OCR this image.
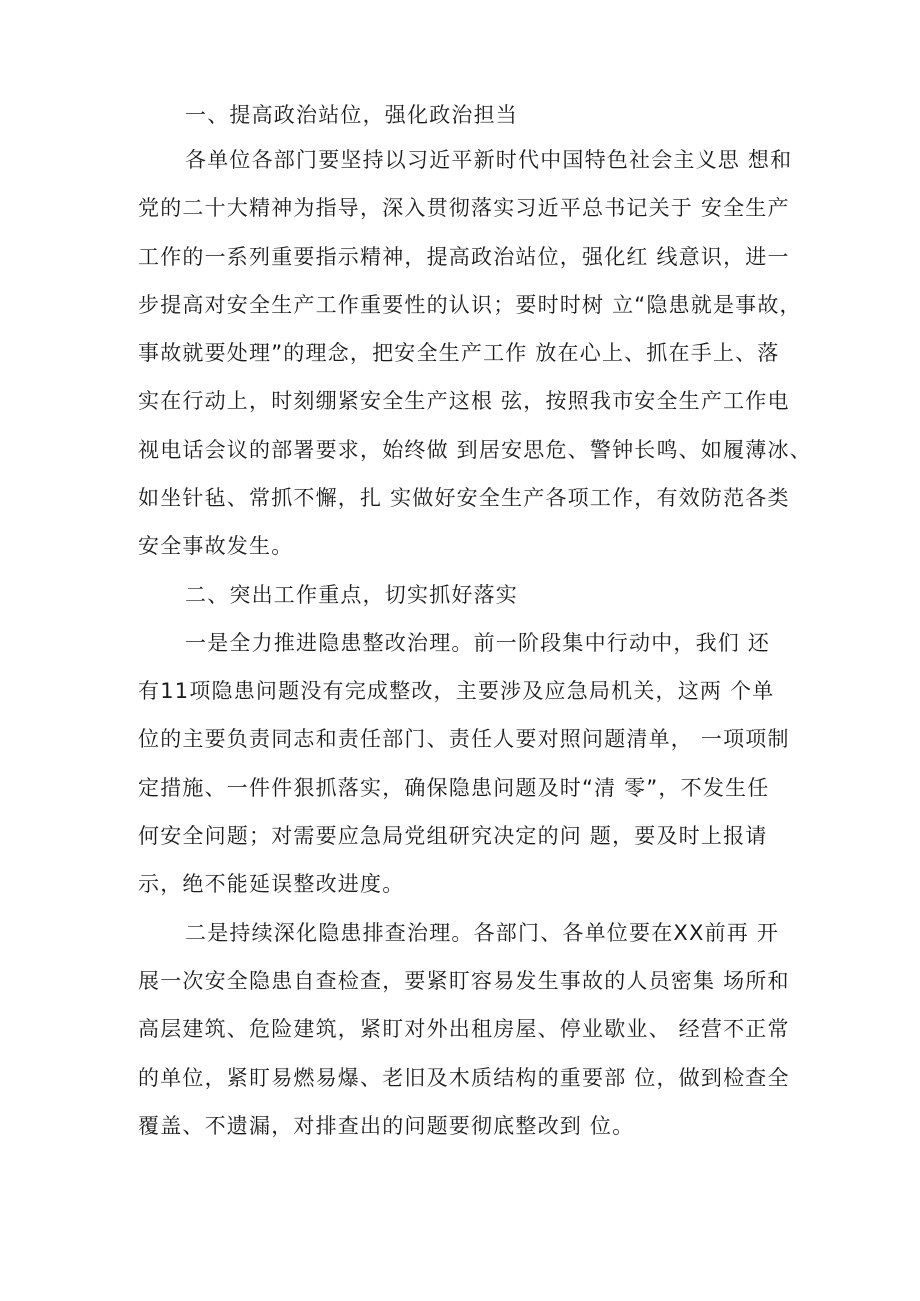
一、提高政治站位，强化政治担当
各单位各部门要坚持以习近平新时代中国特色社会主义思 想和
党的二十大精神为指导，深入贯彻落实习近平总书记关于 安全生产
工作的一系列重要指示精神，提高政治站位，强化红 线意识，进一
步提高对安全生产工作重要性的认识；要时时树 立“隐患就是事故，
事故就要处理”的理念，把安全生产工作 放在心上、抓在手上、落
实在行动上，时刻绷紧安全生产这根 弦，按照我市安全生产工作电
视电话会议的部署要求，始终做 到居安思危、警钟长鸣、如履薄冰、
如坐针毡、常抓不懈，扎 实做好安全生产各项工作，有效防范各类
安全事故发生。
二、突出工作重点，切实抓好落实
一是全力推进隐患整改治理。前一阶段集中行动中，我们 还
有11项隐患问题没有完成整改，主要涉及应急局机关，这两 个单
位的主要负责同志和责任部门、责任人要对照问题清单， 一项项制
定措施、一件件狠抓落实，确保隐患问题及时“清 零”，不发生任
何安全问题；对需要应急局党组研究决定的问 题，要及时上报请
示，绝不能延误整改进度。
二是持续深化隐患排查治理。各部门、各单位要在XX前再 开
展一次安全隐患自查检查，要紧盯容易发生事故的人员密集 场所和
高层建筑、危险建筑，紧盯对外出租房屋、停业歇业、 经营不正常
的单位，紧盯易燃易爆、老旧及木质结构的重要部 位，做到检查全
覆盖、不遗漏，对排查出的问题要彻底整改到 位。
